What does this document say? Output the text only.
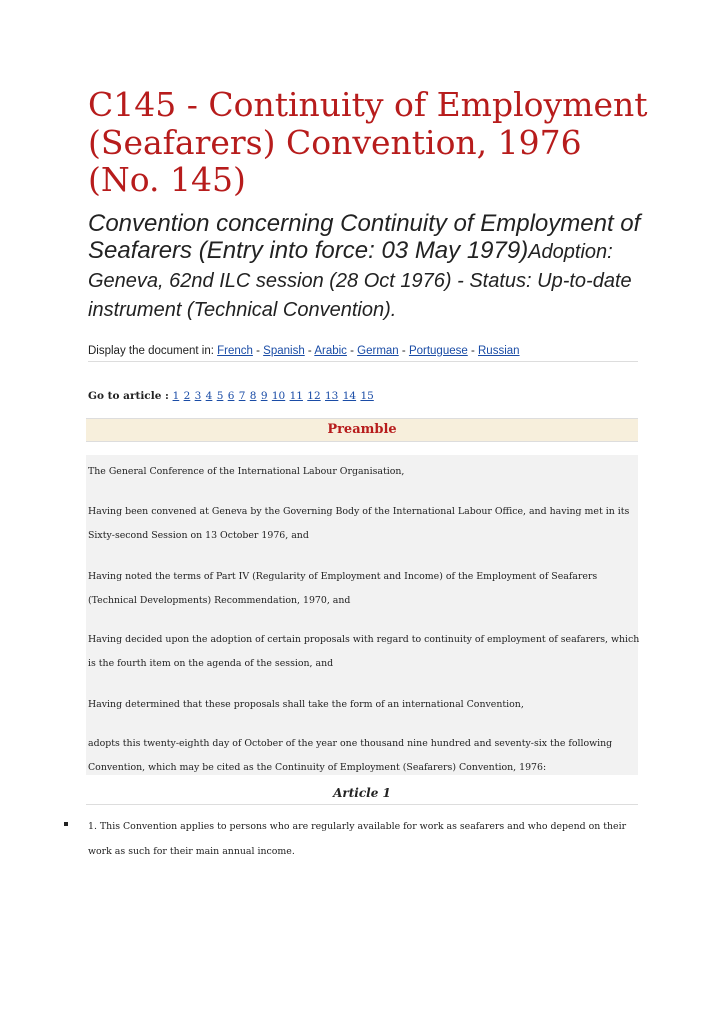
C145 - Continuity of Employment
(Seafarers) Convention, 1976
(No. 145)
Convention concerning Continuity of Employment of Seafarers (Entry into force: 03 May 1979)Adoption: Geneva, 62nd ILC session (28 Oct 1976) - Status: Up-to-date instrument (Technical Convention).
Display the document in: French - Spanish - Arabic - German - Portuguese - Russian
Go to article : 1 2 3 4 5 6 7 8 9 10 11 12 13 14 15
Preamble
The General Conference of the International Labour Organisation,
Having been convened at Geneva by the Governing Body of the International Labour Office, and having met in its Sixty-second Session on 13 October 1976, and
Having noted the terms of Part IV (Regularity of Employment and Income) of the Employment of Seafarers (Technical Developments) Recommendation, 1970, and
Having decided upon the adoption of certain proposals with regard to continuity of employment of seafarers, which is the fourth item on the agenda of the session, and
Having determined that these proposals shall take the form of an international Convention,
adopts this twenty-eighth day of October of the year one thousand nine hundred and seventy-six the following Convention, which may be cited as the Continuity of Employment (Seafarers) Convention, 1976:
Article 1
1. This Convention applies to persons who are regularly available for work as seafarers and who depend on their work as such for their main annual income.
